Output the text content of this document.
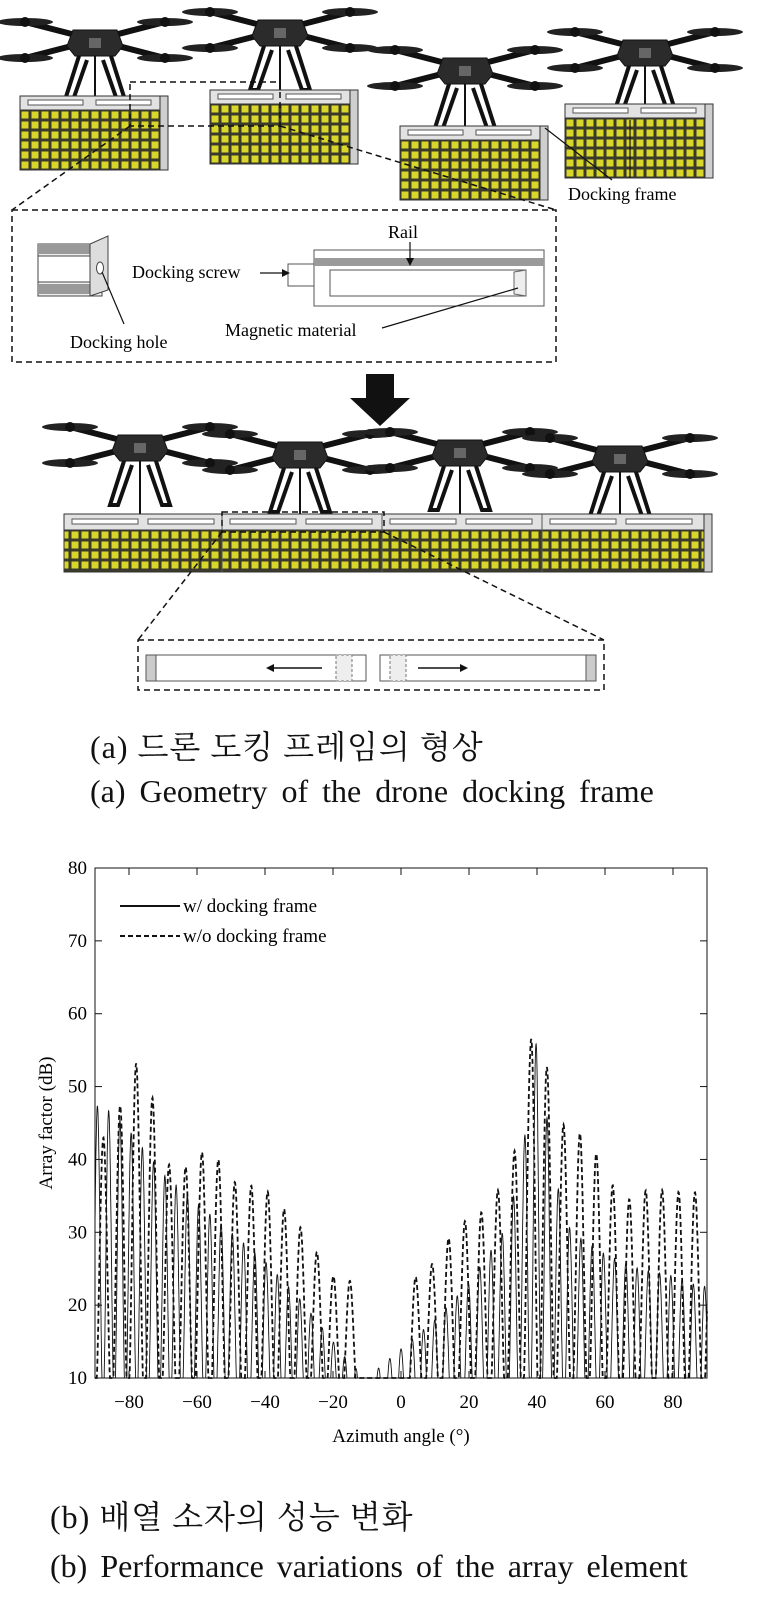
Docking frame
Docking hole
Rail
Docking screw
Magnetic material
(a) 드론 도킹 프레임의 형상
(a) Geometry of the drone docking frame
−80 −60 −40 −20	0	20	40	60	80
10
20
30
40
50
60
70
80
w/ docking frame
w/o docking frame
Azimuth angle (°)
Array factor (dB)
(b) 배열 소자의 성능 변화
(b) Performance variations of the array element
